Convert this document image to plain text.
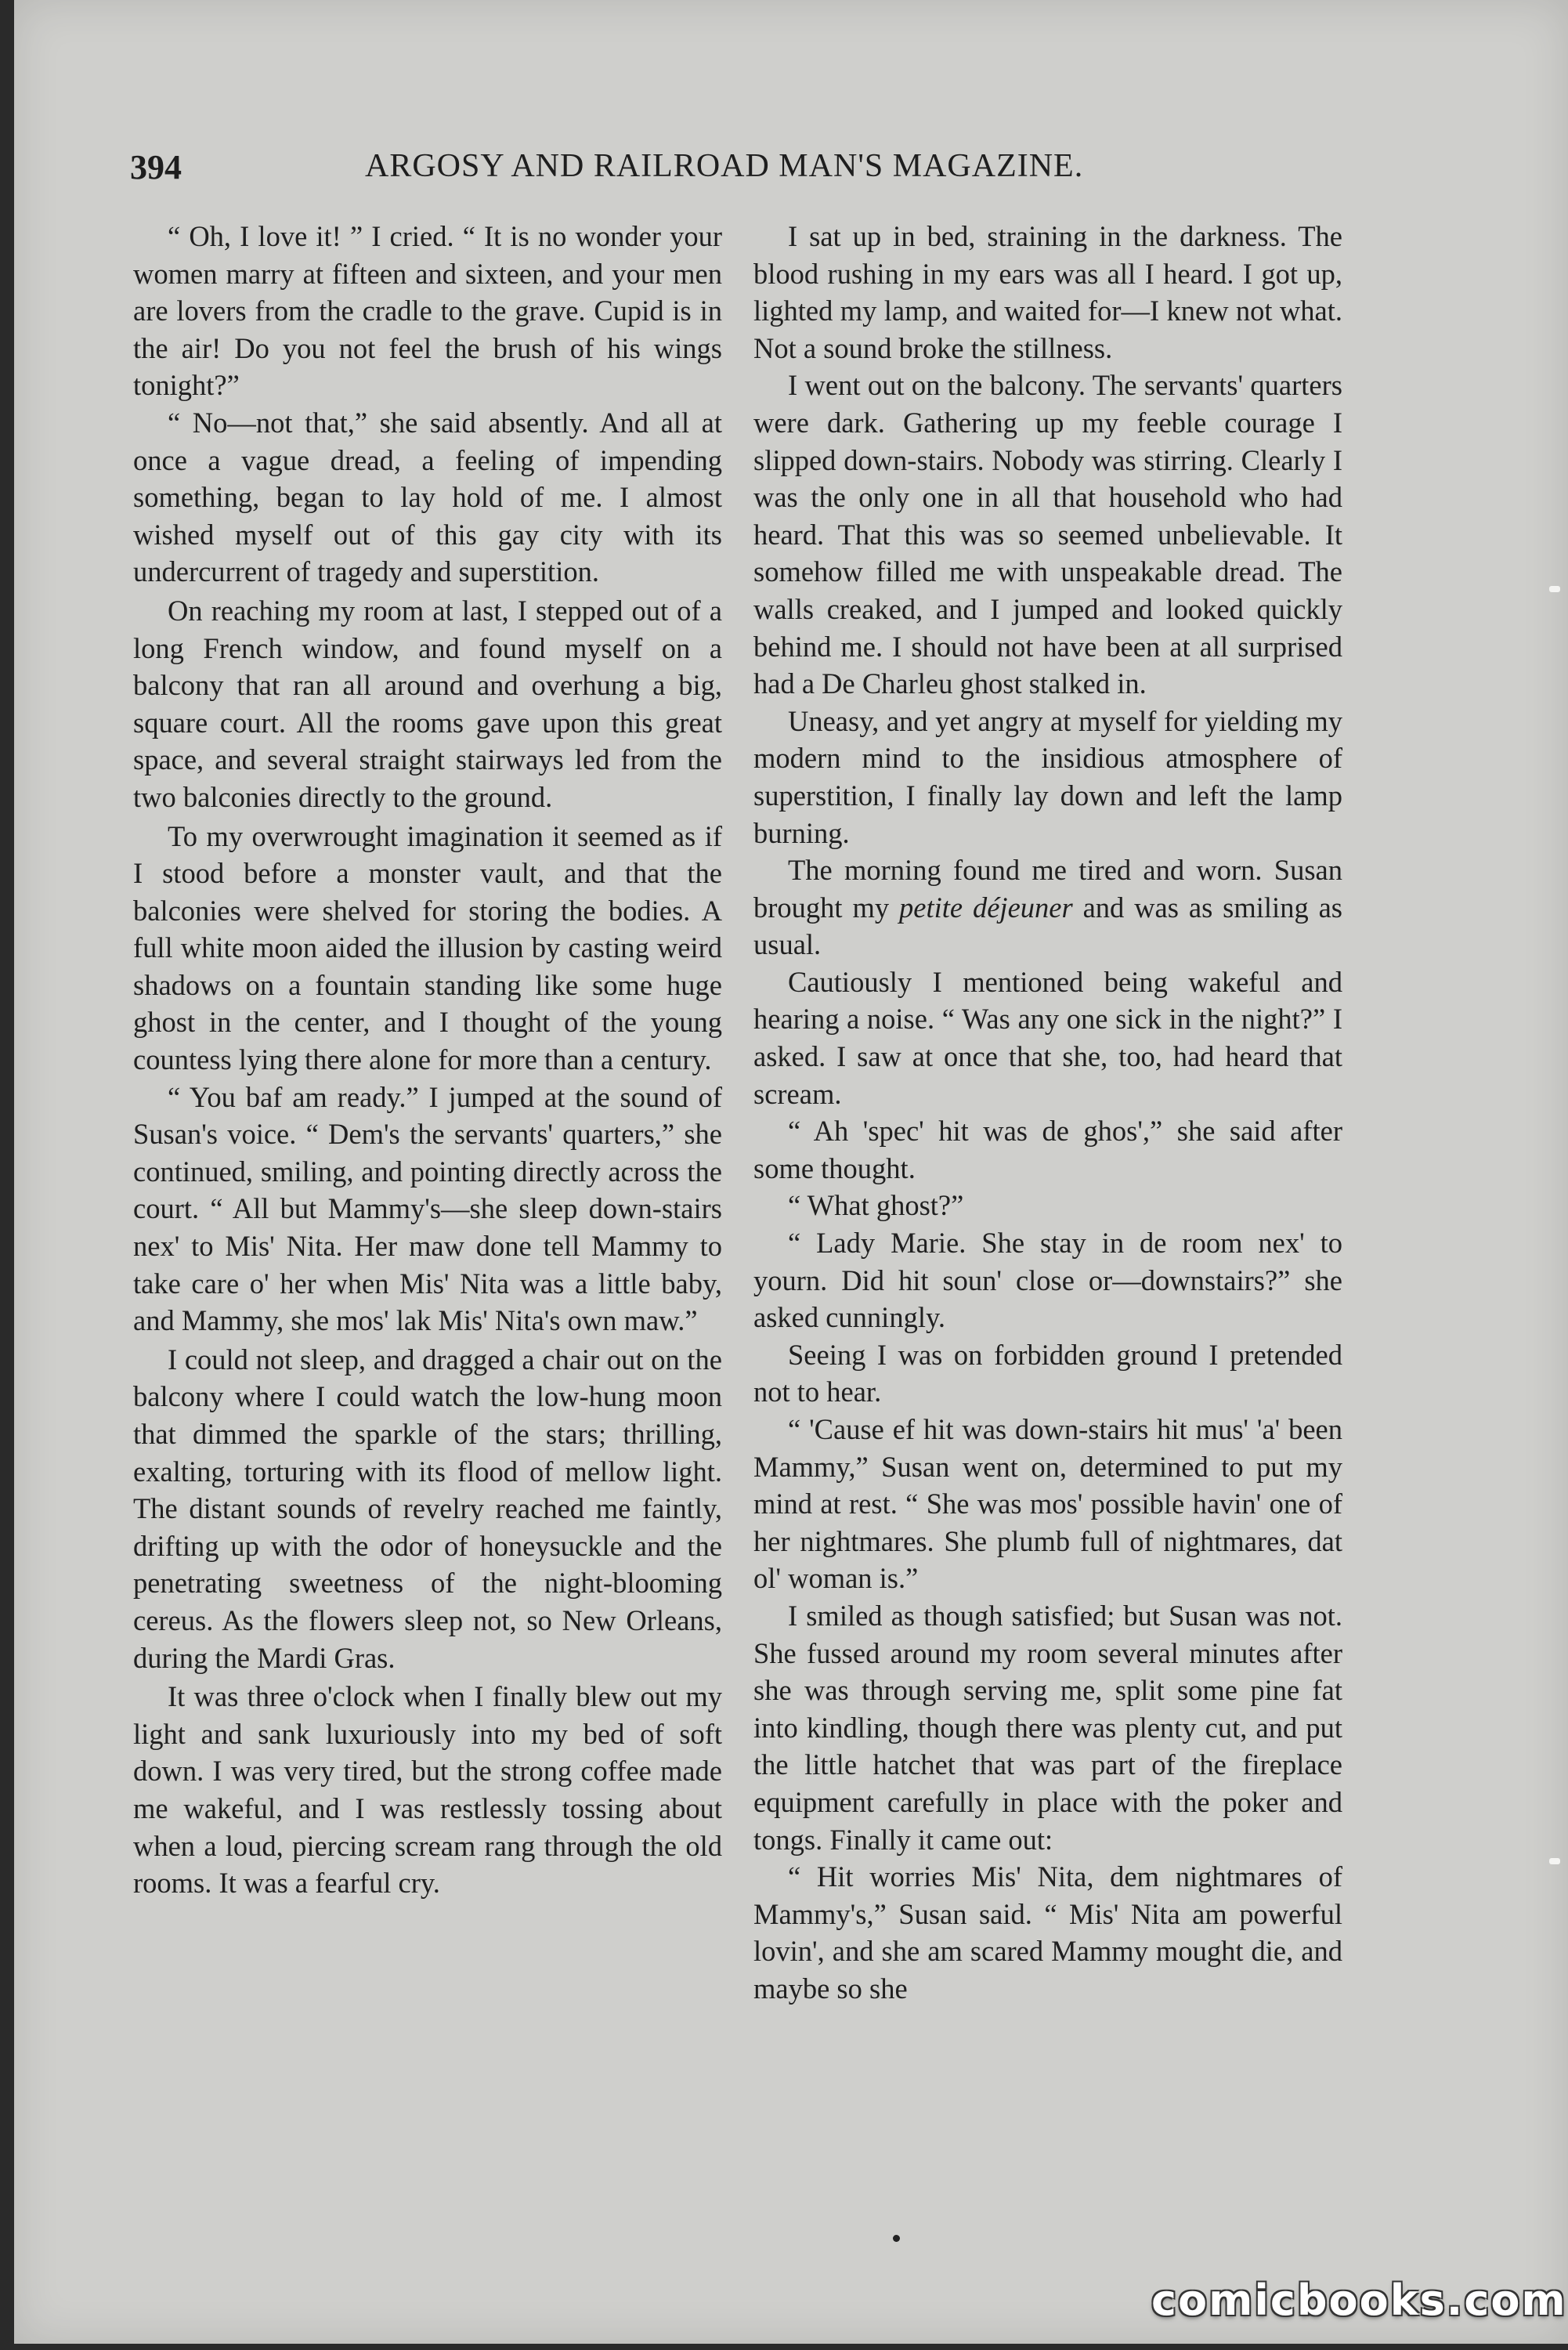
394	ARGOSY AND RAILROAD MAN'S MAGAZINE.

“ Oh, I love it! ” I cried. “ It is no wonder your women marry at fifteen and sixteen, and your men are lovers from the cradle to the grave. Cupid is in the air! Do you not feel the brush of his wings tonight?”

“ No—not that,” she said absently. And all at once a vague dread, a feeling of impending something, began to lay hold of me. I almost wished myself out of this gay city with its undercurrent of tragedy and superstition.

On reaching my room at last, I stepped out of a long French window, and found myself on a balcony that ran all around and overhung a big, square court. All the rooms gave upon this great space, and several straight stairways led from the two balconies directly to the ground.

To my overwrought imagination it seemed as if I stood before a monster vault, and that the balconies were shelved for storing the bodies. A full white moon aided the illusion by casting weird shadows on a fountain standing like some huge ghost in the center, and I thought of the young countess lying there alone for more than a century.

“ You baf am ready.” I jumped at the sound of Susan's voice. “ Dem's the servants' quarters,” she continued, smiling, and pointing directly across the court. “ All but Mammy's—she sleep down-stairs nex' to Mis' Nita. Her maw done tell Mammy to take care o' her when Mis' Nita was a little baby, and Mammy, she mos' lak Mis' Nita's own maw.”

I could not sleep, and dragged a chair out on the balcony where I could watch the low-hung moon that dimmed the sparkle of the stars; thrilling, exalting, torturing with its flood of mellow light. The distant sounds of revelry reached me faintly, drifting up with the odor of honeysuckle and the penetrating sweetness of the night-blooming cereus. As the flowers sleep not, so New Orleans, during the Mardi Gras.

It was three o'clock when I finally blew out my light and sank luxuriously into my bed of soft down. I was very tired, but the strong coffee made me wakeful, and I was restlessly tossing about when a loud, piercing scream rang through the old rooms. It was a fearful cry.

I sat up in bed, straining in the darkness. The blood rushing in my ears was all I heard. I got up, lighted my lamp, and waited for—I knew not what. Not a sound broke the stillness.

I went out on the balcony. The servants' quarters were dark. Gathering up my feeble courage I slipped down-stairs. Nobody was stirring. Clearly I was the only one in all that household who had heard. That this was so seemed unbelievable. It somehow filled me with unspeakable dread. The walls creaked, and I jumped and looked quickly behind me. I should not have been at all surprised had a De Charleu ghost stalked in.

Uneasy, and yet angry at myself for yielding my modern mind to the insidious atmosphere of superstition, I finally lay down and left the lamp burning.

The morning found me tired and worn. Susan brought my petite déjeuner and was as smiling as usual.

Cautiously I mentioned being wakeful and hearing a noise. “ Was any one sick in the night?” I asked. I saw at once that she, too, had heard that scream.

“ Ah 'spec' hit was de ghos',” she said after some thought.

“ What ghost?”

“ Lady Marie. She stay in de room nex' to yourn. Did hit soun' close or—downstairs?” she asked cunningly.

Seeing I was on forbidden ground I pretended not to hear.

“ 'Cause ef hit was down-stairs hit mus' 'a' been Mammy,” Susan went on, determined to put my mind at rest. “ She was mos' possible havin' one of her nightmares. She plumb full of nightmares, dat ol' woman is.”

I smiled as though satisfied; but Susan was not. She fussed around my room several minutes after she was through serving me, split some pine fat into kindling, though there was plenty cut, and put the little hatchet that was part of the fireplace equipment carefully in place with the poker and tongs. Finally it came out:

“ Hit worries Mis' Nita, dem nightmares of Mammy's,” Susan said. “ Mis' Nita am powerful lovin', and she am scared Mammy mought die, and maybe so she

comicbooks.com
